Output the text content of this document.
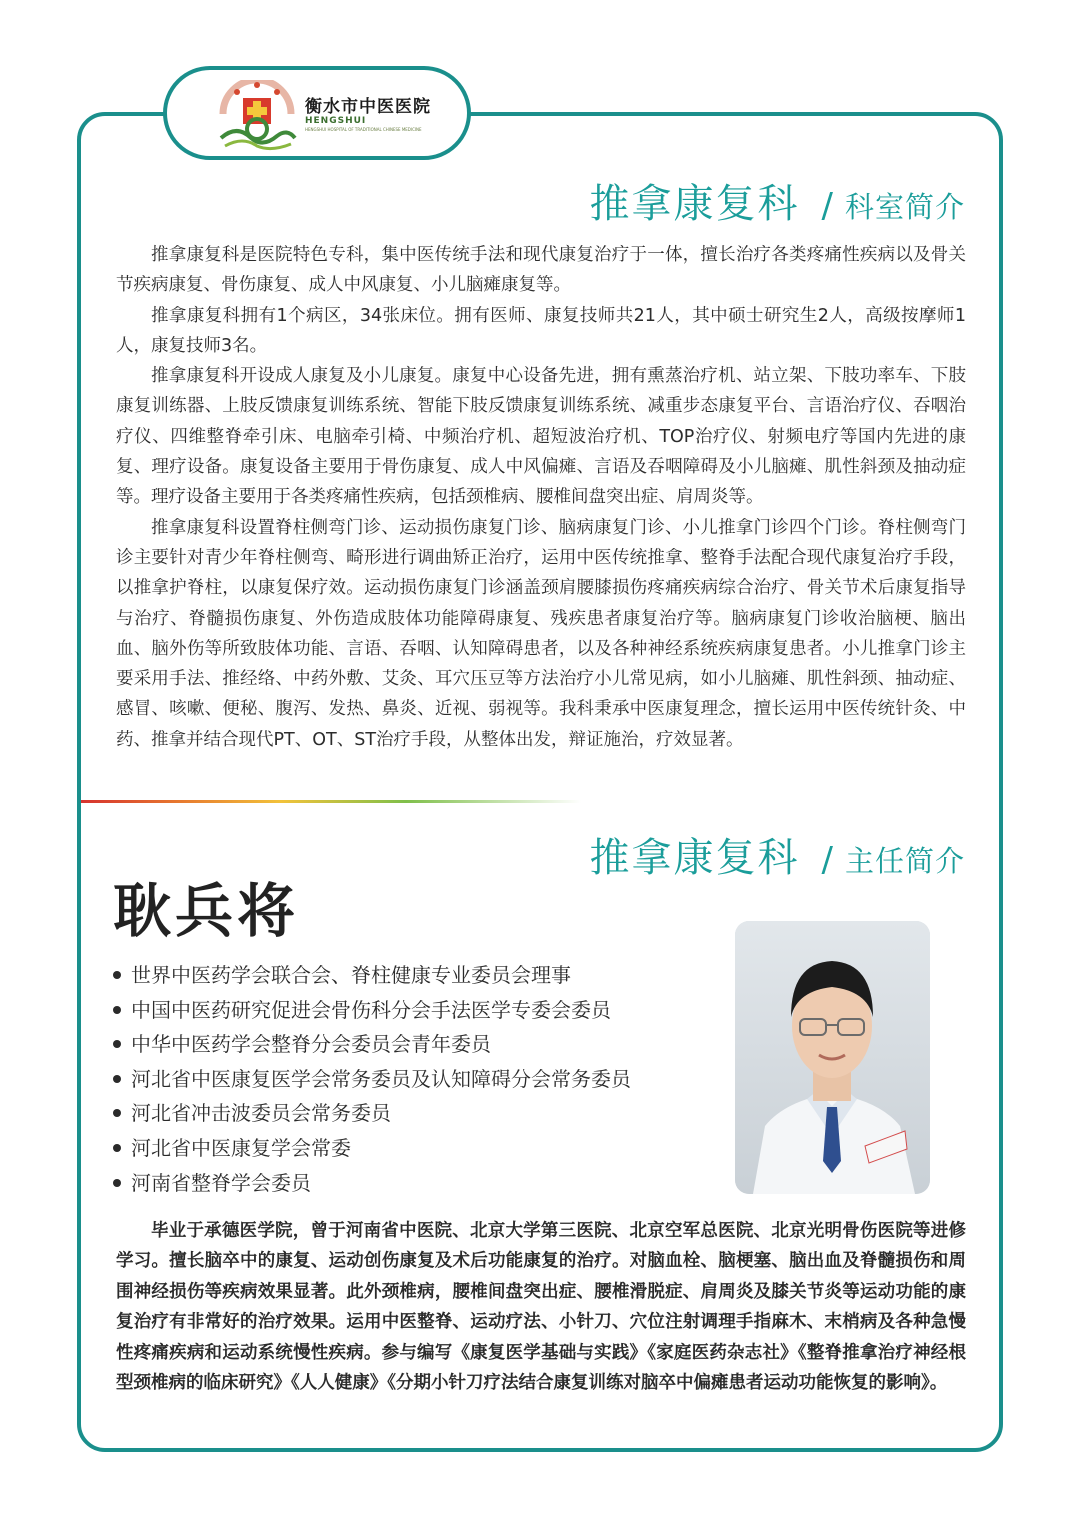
衡水市中医医院
HENGSHUI
HENGSHUI HOSPITAL OF TRADITIONAL CHINESE MEDICINE
推拿康复科 / 科室简介

推拿康复科是医院特色专科，集中医传统手法和现代康复治疗于一体，擅长治疗各类疼痛性疾病以及骨关节疾病康复、骨伤康复、成人中风康复、小儿脑瘫康复等。

推拿康复科拥有1个病区，34张床位。拥有医师、康复技师共21人，其中硕士研究生2人，高级按摩师1人，康复技师3名。

推拿康复科开设成人康复及小儿康复。康复中心设备先进，拥有熏蒸治疗机、站立架、下肢功率车、下肢康复训练器、上肢反馈康复训练系统、智能下肢反馈康复训练系统、减重步态康复平台、言语治疗仪、吞咽治疗仪、四维整脊牵引床、电脑牵引椅、中频治疗机、超短波治疗机、TOP治疗仪、射频电疗等国内先进的康复、理疗设备。康复设备主要用于骨伤康复、成人中风偏瘫、言语及吞咽障碍及小儿脑瘫、肌性斜颈及抽动症等。理疗设备主要用于各类疼痛性疾病，包括颈椎病、腰椎间盘突出症、肩周炎等。

推拿康复科设置脊柱侧弯门诊、运动损伤康复门诊、脑病康复门诊、小儿推拿门诊四个门诊。脊柱侧弯门诊主要针对青少年脊柱侧弯、畸形进行调曲矫正治疗，运用中医传统推拿、整脊手法配合现代康复治疗手段，以推拿护脊柱，以康复保疗效。运动损伤康复门诊涵盖颈肩腰膝损伤疼痛疾病综合治疗、骨关节术后康复指导与治疗、脊髓损伤康复、外伤造成肢体功能障碍康复、残疾患者康复治疗等。脑病康复门诊收治脑梗、脑出血、脑外伤等所致肢体功能、言语、吞咽、认知障碍患者，以及各种神经系统疾病康复患者。小儿推拿门诊主要采用手法、推经络、中药外敷、艾灸、耳穴压豆等方法治疗小儿常见病，如小儿脑瘫、肌性斜颈、抽动症、感冒、咳嗽、便秘、腹泻、发热、鼻炎、近视、弱视等。我科秉承中医康复理念，擅长运用中医传统针灸、中药、推拿并结合现代PT、OT、ST治疗手段，从整体出发，辩证施治，疗效显著。

推拿康复科 / 主任简介
耿兵将
世界中医药学会联合会、脊柱健康专业委员会理事
中国中医药研究促进会骨伤科分会手法医学专委会委员
中华中医药学会整脊分会委员会青年委员
河北省中医康复医学会常务委员及认知障碍分会常务委员
河北省冲击波委员会常务委员
河北省中医康复学会常委
河南省整脊学会委员

毕业于承德医学院，曾于河南省中医院、北京大学第三医院、北京空军总医院、北京光明骨伤医院等进修学习。擅长脑卒中的康复、运动创伤康复及术后功能康复的治疗。对脑血栓、脑梗塞、脑出血及脊髓损伤和周围神经损伤等疾病效果显著。此外颈椎病，腰椎间盘突出症、腰椎滑脱症、肩周炎及膝关节炎等运动功能的康复治疗有非常好的治疗效果。运用中医整脊、运动疗法、小针刀、穴位注射调理手指麻木、末梢病及各种急慢性疼痛疾病和运动系统慢性疾病。参与编写《康复医学基础与实践》《家庭医药杂志社》《整脊推拿治疗神经根型颈椎病的临床研究》《人人健康》《分期小针刀疗法结合康复训练对脑卒中偏瘫患者运动功能恢复的影响》。
